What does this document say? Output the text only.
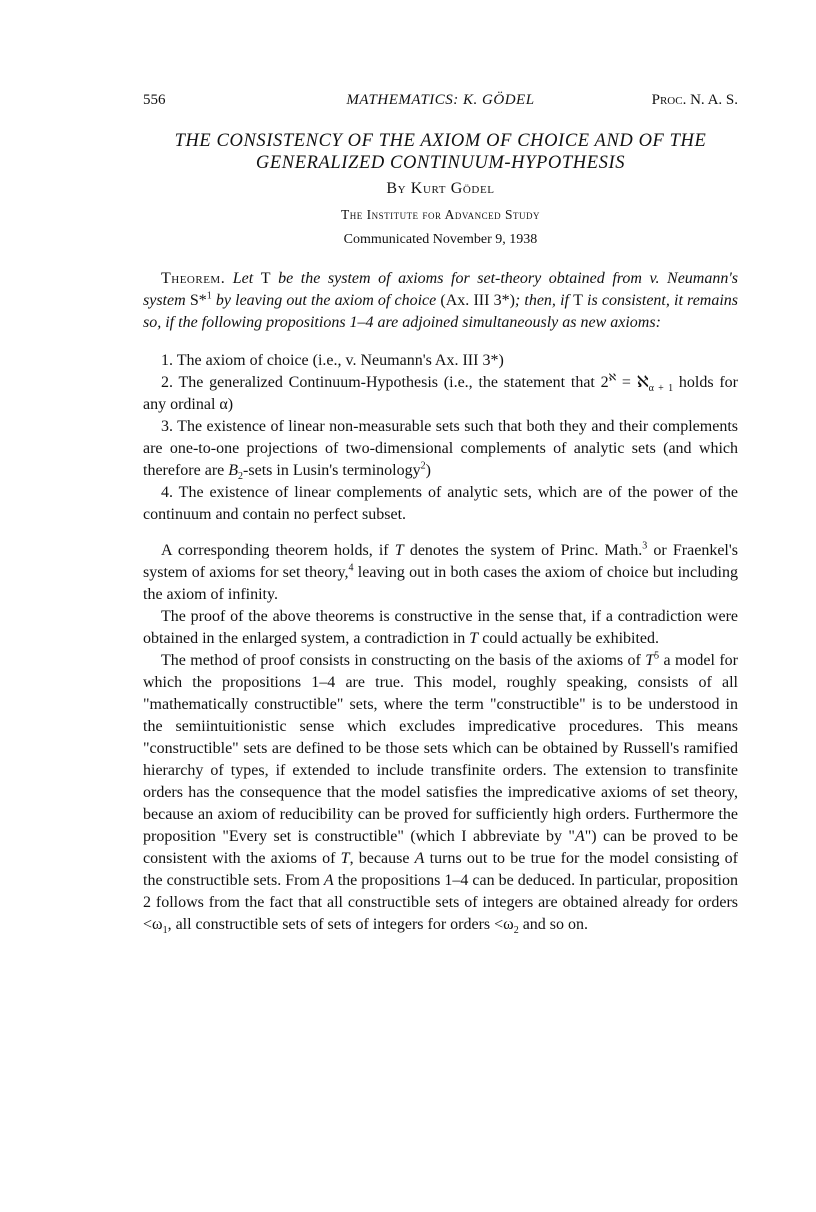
556	MATHEMATICS: K. GÖDEL	Proc. N. A. S.
THE CONSISTENCY OF THE AXIOM OF CHOICE AND OF THE
GENERALIZED CONTINUUM-HYPOTHESIS
By Kurt Gödel
The Institute for Advanced Study
Communicated November 9, 1938

Theorem. Let T be the system of axioms for set-theory obtained from v. Neumann's system S*$^1$ by leaving out the axiom of choice (Ax. III 3*); then, if T is consistent, it remains so, if the following propositions 1–4 are adjoined simultaneously as new axioms:

1. The axiom of choice (i.e., v. Neumann's Ax. III 3*)
2. The generalized Continuum-Hypothesis (i.e., the statement that $2^ℵ$ = ℵ$_{\alpha + 1}$ holds for any ordinal α)
3. The existence of linear non-measurable sets such that both they and their complements are one-to-one projections of two-dimensional complements of analytic sets (and which therefore are $B_2$-sets in Lusin's terminology$^2$)
4. The existence of linear complements of analytic sets, which are of the power of the continuum and contain no perfect subset.

A corresponding theorem holds, if T denotes the system of Princ. Math.$^3$ or Fraenkel's system of axioms for set theory,$^4$ leaving out in both cases the axiom of choice but including the axiom of infinity.

The proof of the above theorems is constructive in the sense that, if a contradiction were obtained in the enlarged system, a contradiction in T could actually be exhibited.

The method of proof consists in constructing on the basis of the axioms of $T^5$ a model for which the propositions 1–4 are true. This model, roughly speaking, consists of all "mathematically constructible" sets, where the term "constructible" is to be understood in the semiintuitionistic sense which excludes impredicative procedures. This means "constructible" sets are defined to be those sets which can be obtained by Russell's ramified hierarchy of types, if extended to include transfinite orders. The extension to transfinite orders has the consequence that the model satisfies the impredicative axioms of set theory, because an axiom of reducibility can be proved for sufficiently high orders. Furthermore the proposition "Every set is constructible" (which I abbreviate by "A") can be proved to be consistent with the axioms of T, because A turns out to be true for the model consisting of the constructible sets. From A the propositions 1–4 can be deduced. In particular, proposition 2 follows from the fact that all constructible sets of integers are obtained already for orders $<\omega_1$, all constructible sets of sets of integers for orders $<\omega_2$ and so on.
